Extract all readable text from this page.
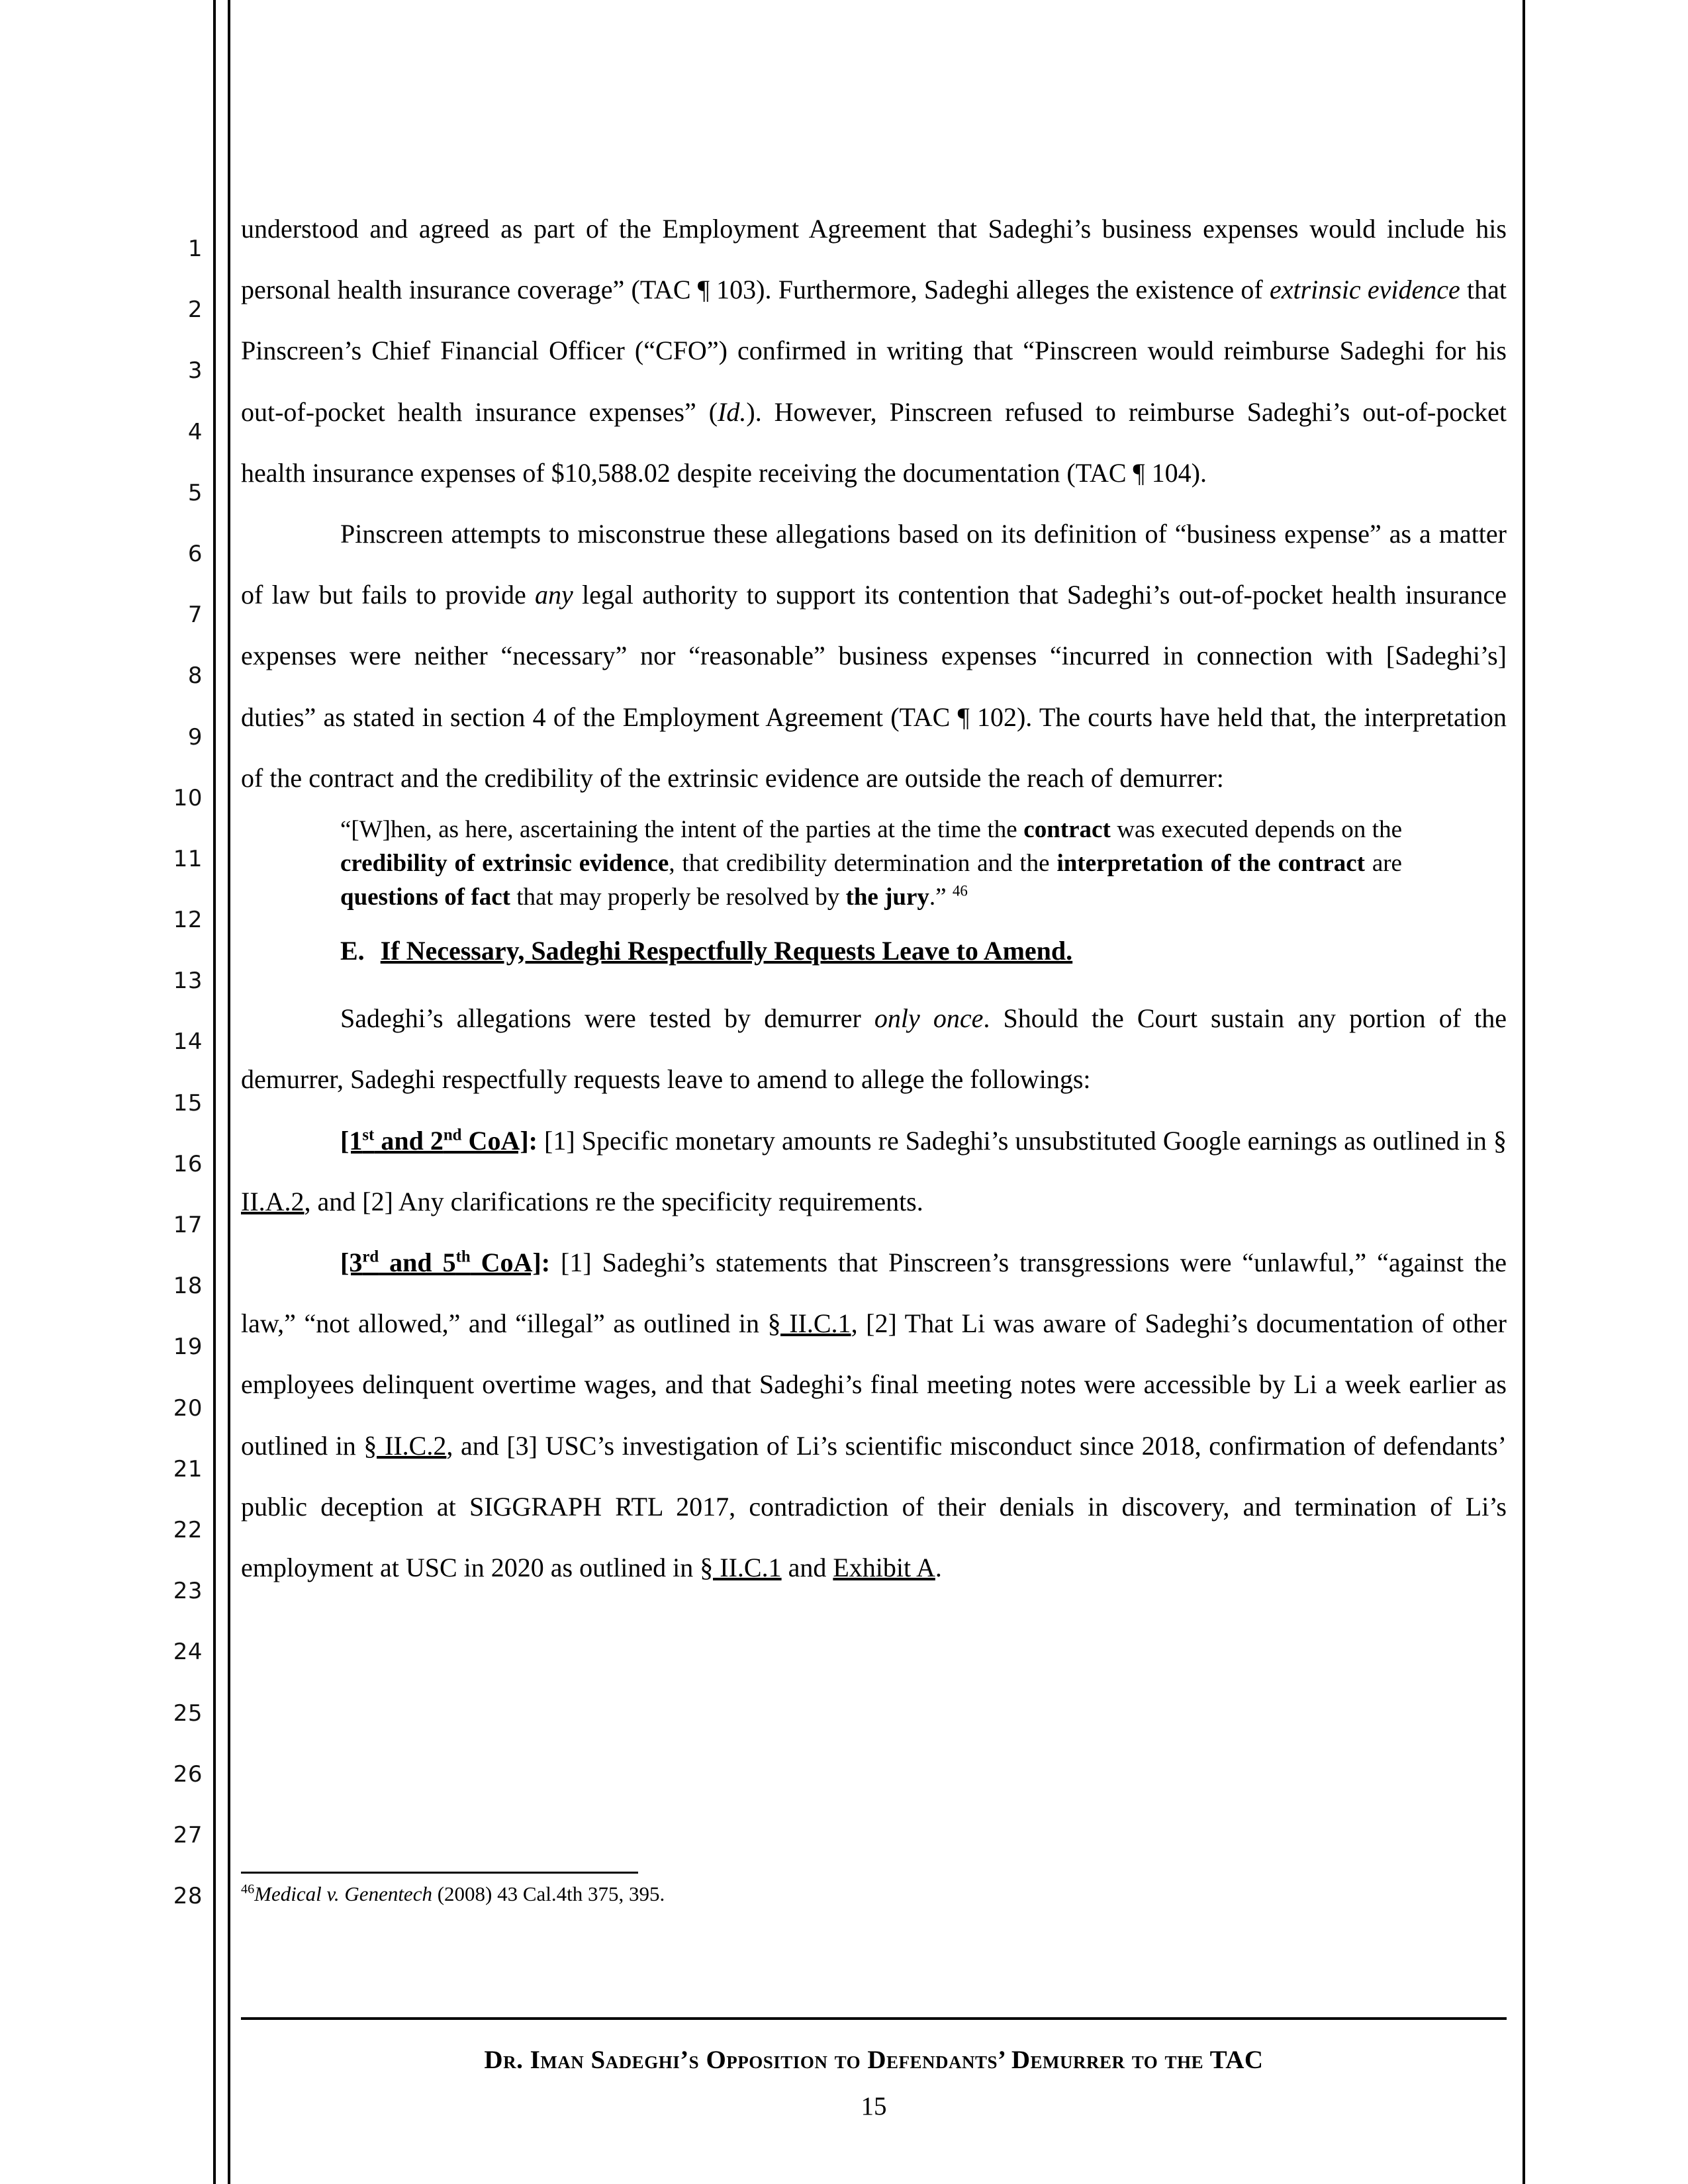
1
2
3
4
5
6
7
8
9
10
11
12
13
14
15
16
17
18
19
20
21
22
23
24
25
26
27
28

understood and agreed as part of the Employment Agreement that Sadeghi’s business expenses would include his personal health insurance coverage” (TAC ¶ 103). Furthermore, Sadeghi alleges the existence of extrinsic evidence that Pinscreen’s Chief Financial Officer (“CFO”) confirmed in writing that “Pinscreen would reimburse Sadeghi for his out-of-pocket health insurance expenses” (Id.). However, Pinscreen refused to reimburse Sadeghi’s out-of-pocket health insurance expenses of $10,588.02 despite receiving the documentation (TAC ¶ 104).

Pinscreen attempts to misconstrue these allegations based on its definition of “business expense” as a matter of law but fails to provide any legal authority to support its contention that Sadeghi’s out-of-pocket health insurance expenses were neither “necessary” nor “reasonable” business expenses “incurred in connection with [Sadeghi’s] duties” as stated in section 4 of the Employment Agreement (TAC ¶ 102). The courts have held that, the interpretation of the contract and the credibility of the extrinsic evidence are outside the reach of demurrer:

“[W]hen, as here, ascertaining the intent of the parties at the time the contract was executed depends on the credibility of extrinsic evidence, that credibility determination and the interpretation of the contract are questions of fact that may properly be resolved by the jury.” $^{46}$
E. If Necessary, Sadeghi Respectfully Requests Leave to Amend.

Sadeghi’s allegations were tested by demurrer only once. Should the Court sustain any portion of the demurrer, Sadeghi respectfully requests leave to amend to allege the followings:

[1st and 2nd CoA]: [1] Specific monetary amounts re Sadeghi’s unsubstituted Google earnings as outlined in § II.A.2, and [2] Any clarifications re the specificity requirements.

[3rd and 5th CoA]: [1] Sadeghi’s statements that Pinscreen’s transgressions were “unlawful,” “against the law,” “not allowed,” and “illegal” as outlined in § II.C.1, [2] That Li was aware of Sadeghi’s documentation of other employees delinquent overtime wages, and that Sadeghi’s final meeting notes were accessible by Li a week earlier as outlined in § II.C.2, and [3] USC’s investigation of Li’s scientific misconduct since 2018, confirmation of defendants’ public deception at SIGGRAPH RTL 2017, contradiction of their denials in discovery, and termination of Li’s employment at USC in 2020 as outlined in § II.C.1 and Exhibit A.

$^{46}$Medical v. Genentech (2008) 43 Cal.4th 375, 395.
Dr. Iman Sadeghi’s Opposition to Defendants’ Demurrer to the TAC
15
